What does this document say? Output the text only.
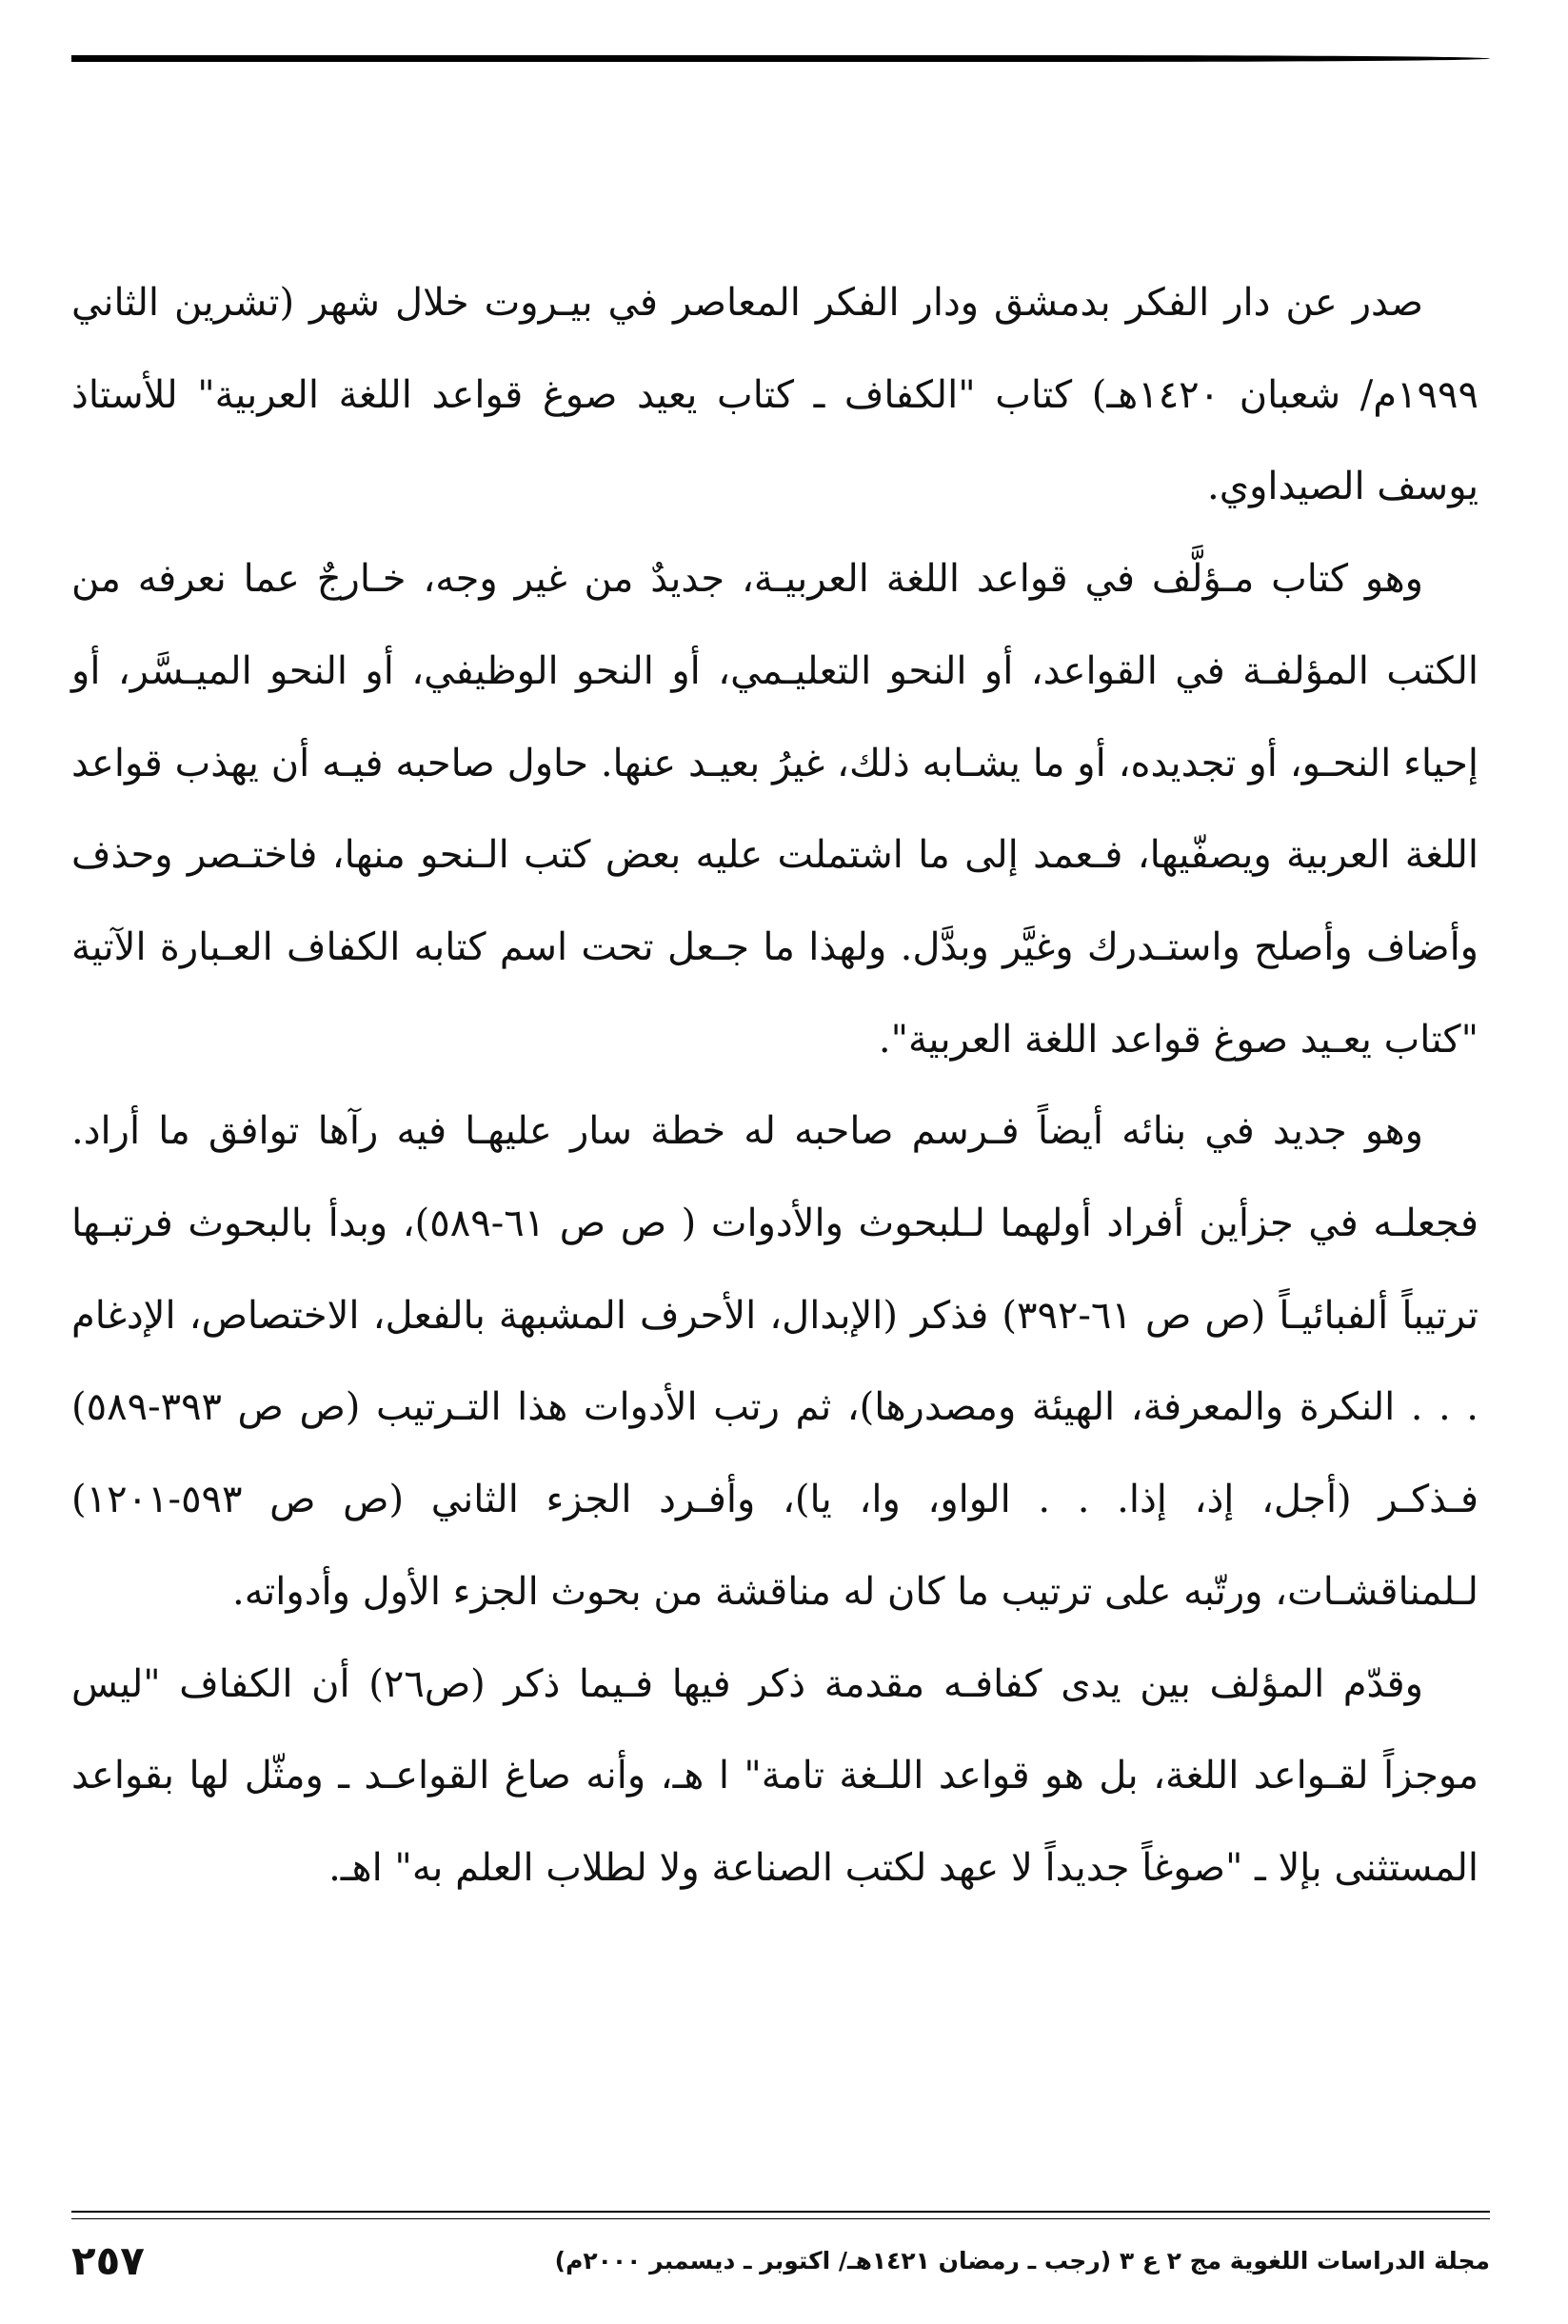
صدر عن دار الفكر بدمشق ودار الفكر المعاصر في بيـروت خلال شهر (تشرين الثاني ١٩٩٩م/ شعبان ١٤٢٠هـ) كتاب "الكفاف ـ كتاب يعيد صوغ قواعد اللغة العربية" للأستاذ يوسف الصيداوي.

وهو كتاب مـؤلَّف في قواعد اللغة العربيـة، جديدٌ من غير وجه، خـارجٌ عما نعرفه من الكتب المؤلفـة في القواعد، أو النحو التعليـمي، أو النحو الوظيفي، أو النحو الميـسَّر، أو إحياء النحـو، أو تجديده، أو ما يشـابه ذلك، غيرُ بعيـد عنها. حاول صاحبه فيـه أن يهذب قواعد اللغة العربية ويصفّيها، فـعمد إلى ما اشتملت عليه بعض كتب الـنحو منها، فاختـصر وحذف وأضاف وأصلح واستـدرك وغيَّر وبدَّل. ولهذا ما جـعل تحت اسم كتابه الكفاف العـبارة الآتية "كتاب يعـيد صوغ قواعد اللغة العربية".

وهو جديد في بنائه أيضاً فـرسم صاحبه له خطة سار عليهـا فيه رآها توافق ما أراد. فجعلـه في جزأين أفراد أولهما لـلبحوث والأدوات ( ص ص ٦١-٥٨٩)، وبدأ بالبحوث فرتبـها ترتيباً ألفبائيـاً (ص ص ٦١-٣٩٢) فذكر (الإبدال، الأحرف المشبهة بالفعل، الاختصاص، الإدغام . . . النكرة والمعرفة، الهيئة ومصدرها)، ثم رتب الأدوات هذا التـرتيب (ص ص ٣٩٣-٥٨٩) فـذكـر (أجل، إذ، إذا. . . الواو، وا، يا)، وأفـرد الجزء الثاني (ص ص ٥٩٣-١٢٠١) لـلمناقشـات، ورتّبه على ترتيب ما كان له مناقشة من بحوث الجزء الأول وأدواته.

وقدّم المؤلف بين يدى كفافـه مقدمة ذكر فيها فـيما ذكر (ص٢٦) أن الكفاف "ليس موجزاً لقـواعد اللغة، بل هو قواعد اللـغة تامة" ا هـ، وأنه صاغ القواعـد ـ ومثّل لها بقواعد المستثنى بإلا ـ "صوغاً جديداً لا عهد لكتب الصناعة ولا لطلاب العلم به" اهـ.

مجلة الدراسات اللغوية مج ٢ ع ٣ (رجب ـ رمضان ١٤٢١هـ/ اكتوبر ـ ديسمبر ٢٠٠٠م)
٢٥٧
